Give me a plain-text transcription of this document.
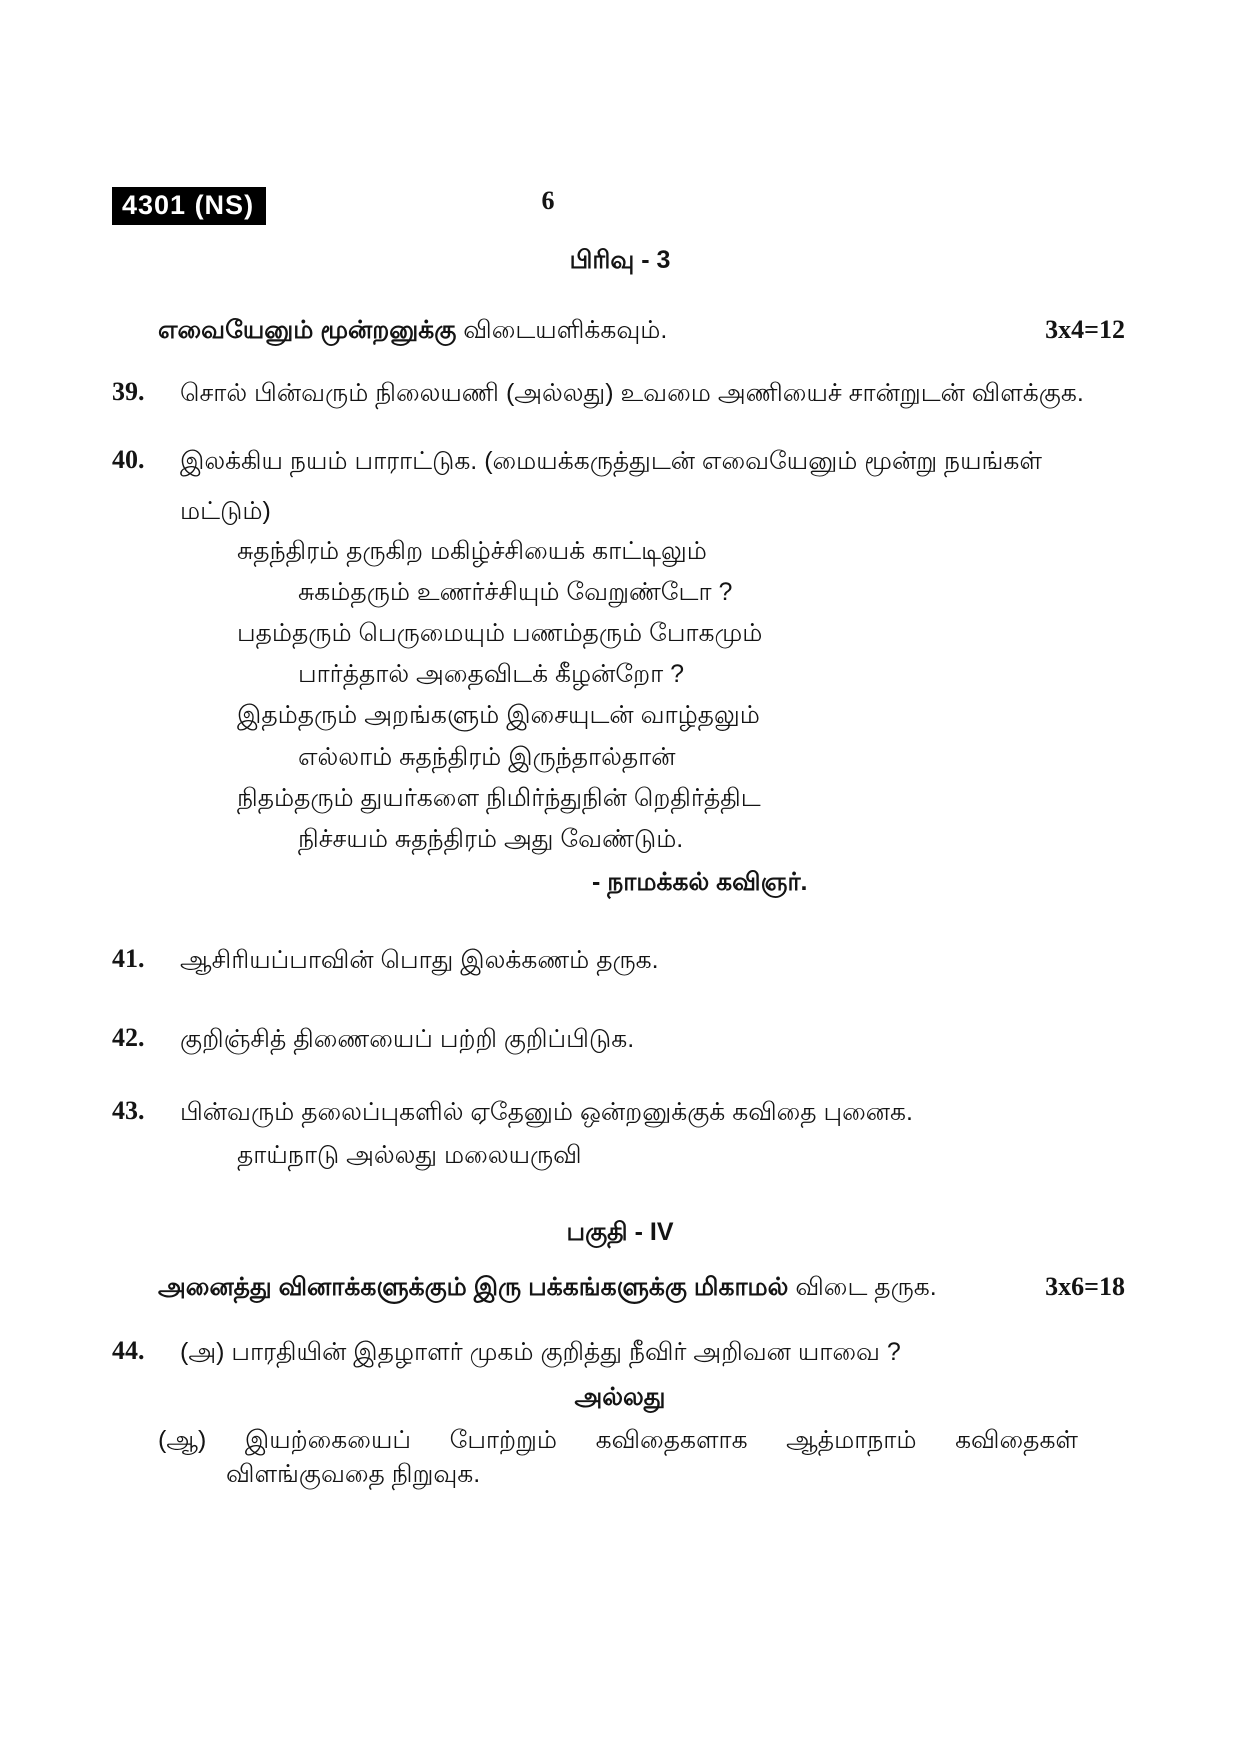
4301 (NS)	6
பிரிவு - 3
எவையேனும் மூன்றனுக்கு விடையளிக்கவும்.	3x4=12
39. சொல் பின்வரும் நிலையணி (அல்லது) உவமை அணியைச் சான்றுடன் விளக்குக.
40. இலக்கிய நயம் பாராட்டுக. (மையக்கருத்துடன் எவையேனும் மூன்று நயங்கள்
மட்டும்)
சுதந்திரம் தருகிற மகிழ்ச்சியைக் காட்டிலும்
சுகம்தரும் உணர்ச்சியும் வேறுண்டோ ?
பதம்தரும் பெருமையும் பணம்தரும் போகமும்
பார்த்தால் அதைவிடக் கீழன்றோ ?
இதம்தரும் அறங்களும் இசையுடன் வாழ்தலும்
எல்லாம் சுதந்திரம் இருந்தால்தான்
நிதம்தரும் துயர்களை நிமிர்ந்துநின் றெதிர்த்திட
நிச்சயம் சுதந்திரம் அது வேண்டும்.
- நாமக்கல் கவிஞர்.
41. ஆசிரியப்பாவின் பொது இலக்கணம் தருக.
42. குறிஞ்சித் திணையைப் பற்றி குறிப்பிடுக.
43. பின்வரும் தலைப்புகளில் ஏதேனும் ஒன்றனுக்குக் கவிதை புனைக.
தாய்நாடு அல்லது மலையருவி
பகுதி - IV
அனைத்து வினாக்களுக்கும் இரு பக்கங்களுக்கு மிகாமல் விடை தருக.	3x6=18
44. (அ) பாரதியின் இதழாளர் முகம் குறித்து நீவிர் அறிவன யாவை ?
அல்லது
(ஆ)⁠ இயற்கையைப் போற்றும் கவிதைகளாக ஆத்மாநாம் கவிதைகள்
விளங்குவதை நிறுவுக.
